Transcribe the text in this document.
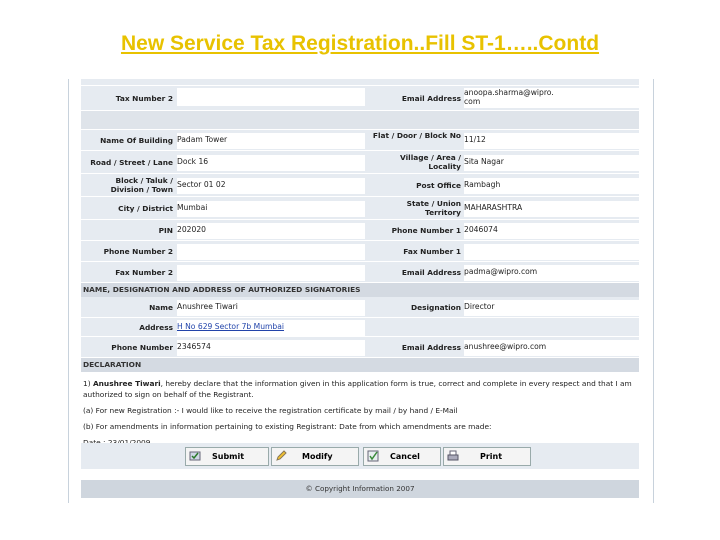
New Service Tax Registration..Fill ST-1…..Contd
Tax Number 2	Email Address
anoopa.sharma@wipro.
com
Name Of Building Padam Tower	Flat / Door / Block No 11/12
Road / Street / Lane Dock 16	Village / Area / Locality
Sita Nagar
Block / Taluk / Division / Town
Sector 01 02	Post Office Rambagh
City / District Mumbai	State / Union Territory
MAHARASHTRA
PIN 202020	Phone Number 1 2046074
Phone Number 2	Fax Number 1
Fax Number 2	Email Address padma@wipro.com
NAME, DESIGNATION AND ADDRESS OF AUTHORIZED SIGNATORIES
Name Anushree Tiwari	Designation Director
Address H No 629 Sector 7b Mumbai
Phone Number 2346574	Email Address anushree@wipro.com
DECLARATION

1) Anushree Tiwari, hereby declare that the information given in this application form is true, correct and complete in every respect and that I am authorized to sign on behalf of the Registrant.

(a) For new Registration :- I would like to receive the registration certificate by mail / by hand / E-Mail

(b) For amendments in information pertaining to existing Registrant: Date from which amendments are made:

Submit	Modify	Cancel	Print
© Copyright Information 2007
